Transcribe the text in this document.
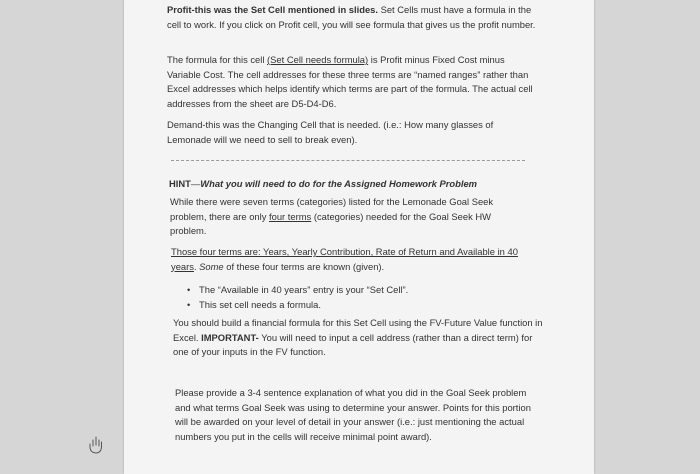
Profit-this was the Set Cell mentioned in slides. Set Cells must have a formula in the cell to work. If you click on Profit cell, you will see formula that gives us the profit number.

The formula for this cell (Set Cell needs formula) is Profit minus Fixed Cost minus Variable Cost. The cell addresses for these three terms are “named ranges” rather than Excel addresses which helps identify which terms are part of the formula. The actual cell addresses from the sheet are D5-D4-D6.

Demand-this was the Changing Cell that is needed. (i.e.: How many glasses of Lemonade will we need to sell to break even).

HINT—What you will need to do for the Assigned Homework Problem

While there were seven terms (categories) listed for the Lemonade Goal Seek problem, there are only four terms (categories) needed for the Goal Seek HW problem.

Those four terms are: Years, Yearly Contribution, Rate of Return and Available in 40 years. Some of these four terms are known (given).

• The “Available in 40 years” entry is your “Set Cell”.
• This set cell needs a formula.

You should build a financial formula for this Set Cell using the FV-Future Value function in Excel. IMPORTANT- You will need to input a cell address (rather than a direct term) for one of your inputs in the FV function.

Please provide a 3-4 sentence explanation of what you did in the Goal Seek problem and what terms Goal Seek was using to determine your answer. Points for this portion will be awarded on your level of detail in your answer (i.e.: just mentioning the actual numbers you put in the cells will receive minimal point award).
